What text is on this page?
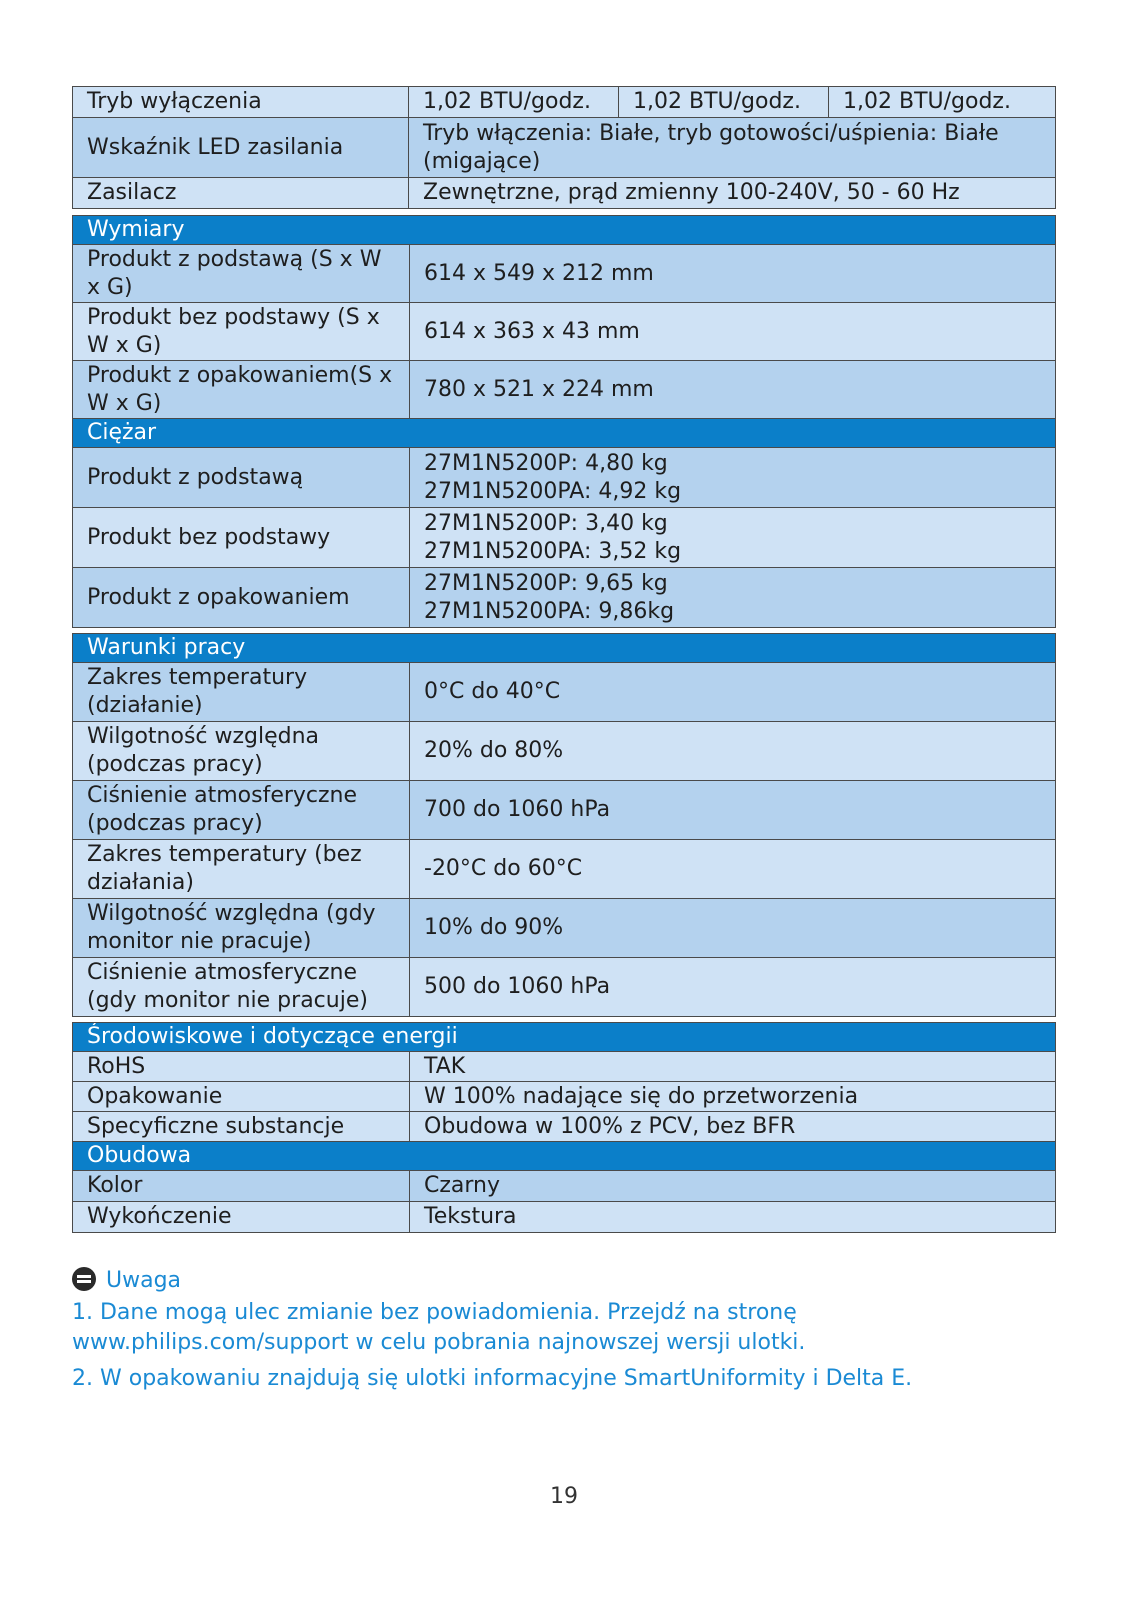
Tryb wyłączenia	1,02 BTU/godz.	1,02 BTU/godz.	1,02 BTU/godz.
Wskaźnik LED zasilania	Tryb włączenia: Białe, tryb gotowości/uśpienia: Białe (migające)		
Zasilacz	Zewnętrzne, prąd zmienny 100-240V, 50 - 60 Hz		
Wymiary	
Produkt z podstawą (S x W x G)	614 x 549 x 212 mm
Produkt bez podstawy (S x W x G)	614 x 363 x 43 mm
Produkt z opakowaniem(S x W x G)	780 x 521 x 224 mm
Ciężar	
Produkt z podstawą	27M1N5200P: 4,80 kg
27M1N5200PA: 4,92 kg

Produkt bez podstawy	27M1N5200P: 3,40 kg
27M1N5200PA: 3,52 kg

Produkt z opakowaniem	27M1N5200P: 9,65 kg
27M1N5200PA: 9,86kg
Warunki pracy	
Zakres temperatury (działanie)	0°C do 40°C
Wilgotność względna (podczas pracy)	20% do 80%
Ciśnienie atmosferyczne (podczas pracy)	700 do 1060 hPa
Zakres temperatury (bez działania)	-20°C do 60°C
Wilgotność względna (gdy monitor nie pracuje)	10% do 90%
Ciśnienie atmosferyczne (gdy monitor nie pracuje)	500 do 1060 hPa
Środowiskowe i dotyczące energii	
RoHS	TAK
Opakowanie	W 100% nadające się do przetworzenia
Specyficzne substancje	Obudowa w 100% z PCV, bez BFR
Obudowa	
Kolor	Czarny
Wykończenie	Tekstura
Uwaga
1. Dane mogą ulec zmianie bez powiadomienia. Przejdź na stronę www.philips.com/support w celu pobrania najnowszej wersji ulotki.
2. W opakowaniu znajdują się ulotki informacyjne SmartUniformity i Delta E.
19
